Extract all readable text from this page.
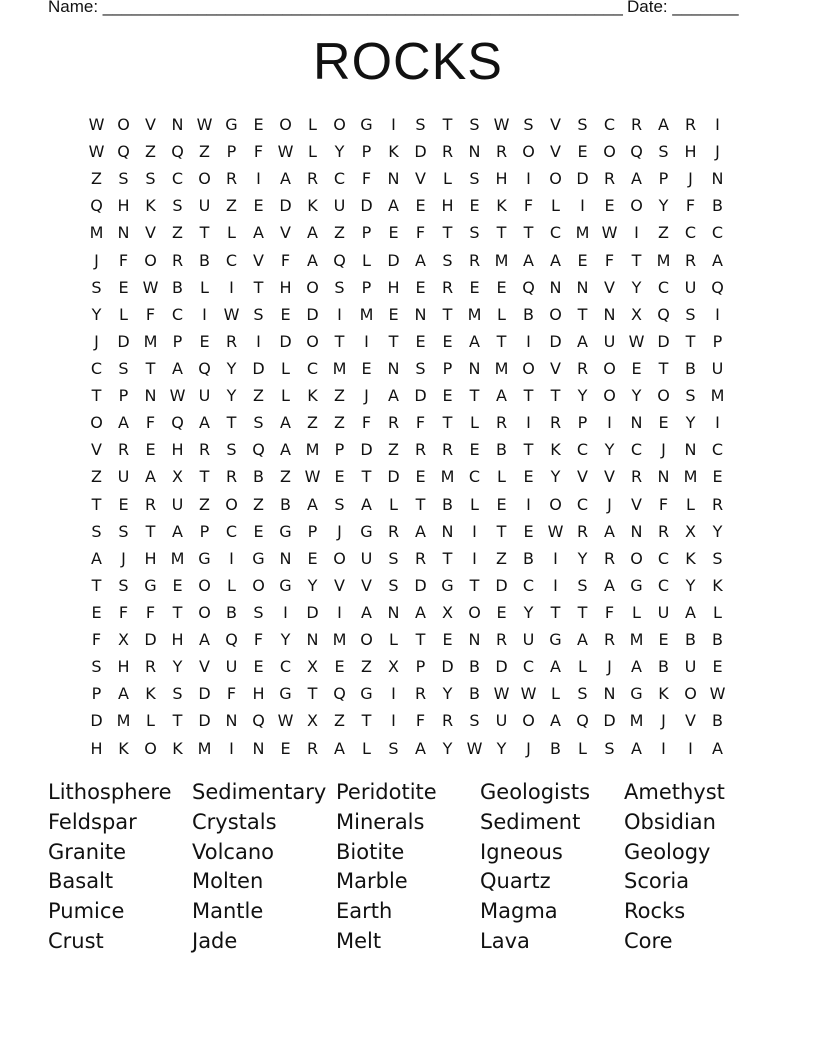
Name: _______________________________________________________ Date: _______
ROCKS
W O V N W G E O	L	O G	I	S	T	S W S	V	S	C R A R	I
W Q Z Q Z	P	F W L	Y	P	K D R N R O V	E O Q S H	J
Z	S	S	C O R	I	A R C	F	N V	L	S H	I	O D R A	P	J	N
Q H K	S	U Z	E D K U D A	E H E	K	F	L	I	E O Y	F	B
M N V	Z	T	L	A	V	A	Z	P	E	F	T	S	T	T	C M W	I	Z C C
J	F	O R B C V	F	A Q	L	D A	S	R M A	A	E	F	T M R A
S	E W B	L	I	T	H O S	P	H E	R	E	E Q N N V	Y	C U Q
Y	L	F	C	I	W S	E D	I	M E N	T M L	B O T	N X Q S	I
J	D M P	E	R	I	D O T	I	T	E	E	A	T	I	D A U W D T	P
C	S	T	A Q Y D	L	C M E N S	P	N M O V R O E	T	B U
T	P	N W U	Y	Z	L	K	Z	J	A D E	T	A	T	T	Y O Y O S M
O A	F	Q A	T	S	A	Z	Z	F	R	F	T	L	R	I	R	P	I	N E	Y	I
V R	E H R	S Q A M P	D Z R R	E	B	T	K	C	Y	C	J	N C
Z U A	X	T	R B	Z W E	T D E M C	L	E	Y	V	V R N M E
T	E	R U Z O Z	B	A	S	A	L	T	B	L	E	I	O C	J	V	F	L	R
S	S	T	A	P	C	E G P	J	G R A N	I	T	E W R A N R X	Y
A	J	H M G	I	G N E O U	S	R	T	I	Z	B	I	Y	R O C	K	S
T	S G E O	L	O G Y	V	V	S D G T D C	I	S	A G C	Y	K
E	F	F	T O B	S	I	D	I	A N A	X O E	Y	T	T	F	L	U A	L
F	X D H A Q	F	Y	N M O	L	T	E N R U G A R M E	B	B
S H R	Y	V U	E	C X	E	Z	X	P	D B D C A	L	J	A	B U	E
P	A	K	S D	F	H G T Q G	I	R	Y	B W W L	S N G K O W
D M L	T D N Q W X	Z	T	I	F	R	S	U O A Q D M	J	V	B
H K O K M	I	N E	R A	L	S	A	Y W Y	J	B	L	S	A	I	I	A
Lithosphere Sedimentary Peridotite	Geologists	Amethyst
Feldspar	Crystals	Minerals	Sediment	Obsidian
Granite	Volcano	Biotite	Igneous	Geology
Basalt	Molten	Marble	Quartz	Scoria
Pumice	Mantle	Earth	Magma	Rocks
Crust	Jade	Melt	Lava	Core
